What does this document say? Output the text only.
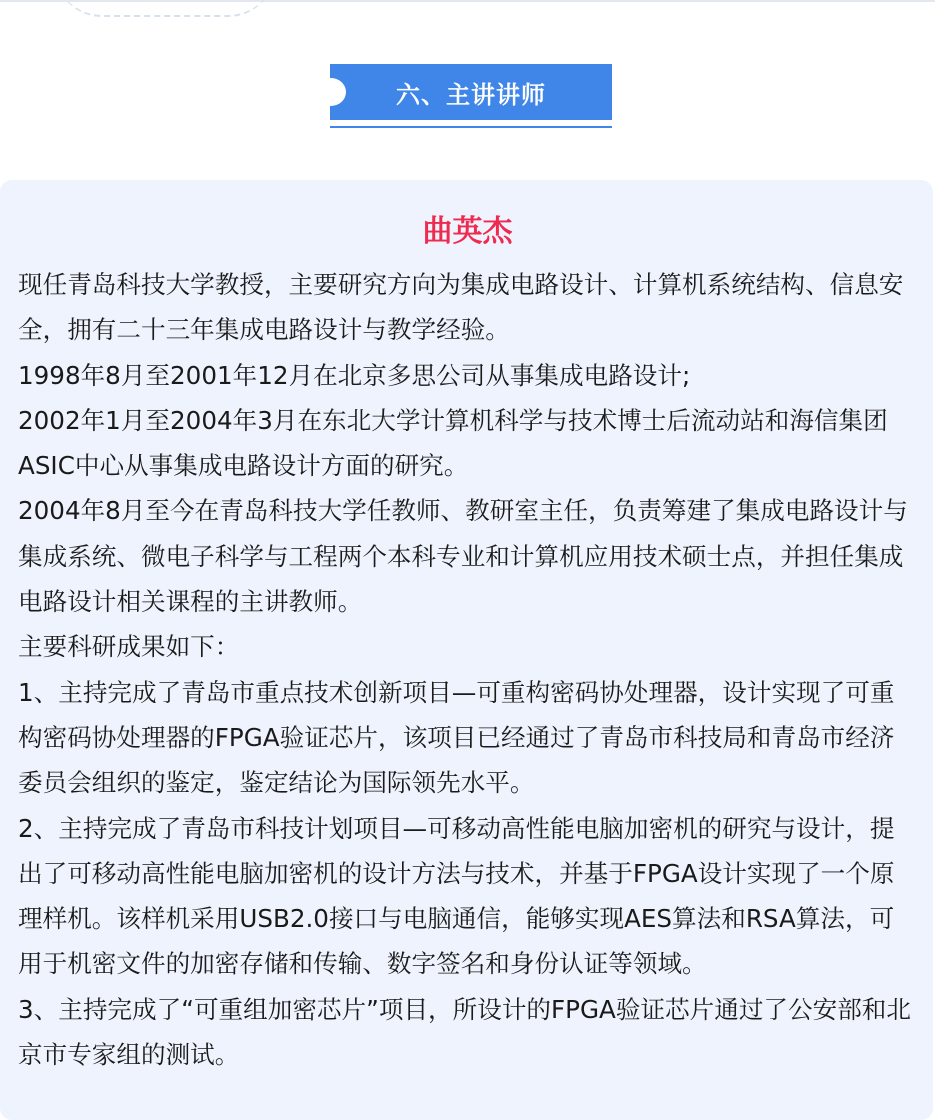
六、主讲讲师
曲英杰

现任青岛科技大学教授，主要研究方向为集成电路设计、计算机系统结构、信息安全，拥有二十三年集成电路设计与教学经验。

1998年8月至2001年12月在北京多思公司从事集成电路设计;

2002年1月至2004年3月在东北大学计算机科学与技术博士后流动站和海信集团ASIC中心从事集成电路设计方面的研究。

2004年8月至今在青岛科技大学任教师、教研室主任，负责筹建了集成电路设计与集成系统、微电子科学与工程两个本科专业和计算机应用技术硕士点，并担任集成电路设计相关课程的主讲教师。

主要科研成果如下：

1、主持完成了青岛市重点技术创新项目—可重构密码协处理器，设计实现了可重构密码协处理器的FPGA验证芯片，该项目已经通过了青岛市科技局和青岛市经济委员会组织的鉴定，鉴定结论为国际领先水平。

2、主持完成了青岛市科技计划项目—可移动高性能电脑加密机的研究与设计，提出了可移动高性能电脑加密机的设计方法与技术，并基于FPGA设计实现了一个原理样机。该样机采用USB2.0接口与电脑通信，能够实现AES算法和RSA算法，可用于机密文件的加密存储和传输、数字签名和身份认证等领域。

3、主持完成了“可重组加密芯片”项目，所设计的FPGA验证芯片通过了公安部和北京市专家组的测试。
